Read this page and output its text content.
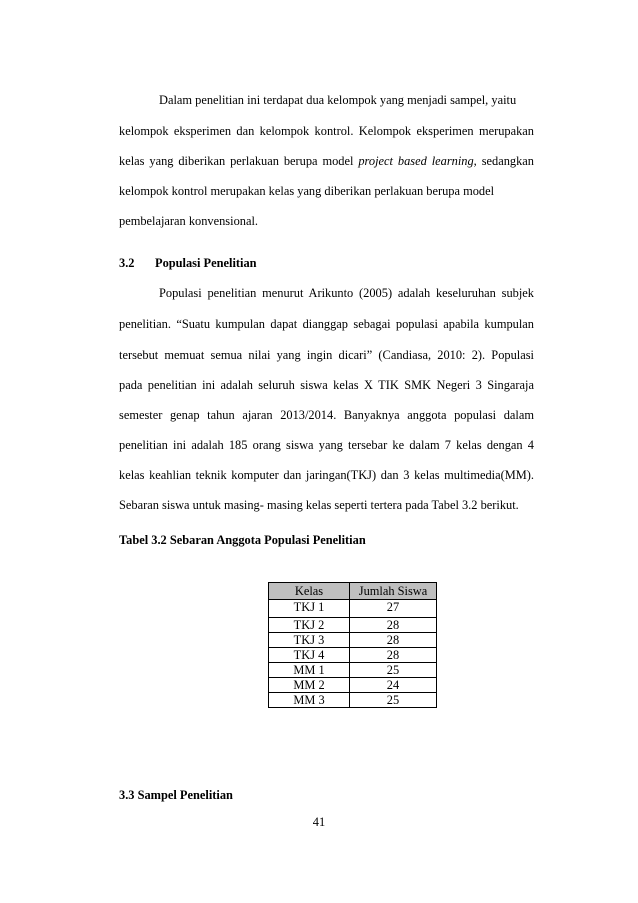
Dalam penelitian ini terdapat dua kelompok yang menjadi sampel, yaitu
kelompok eksperimen dan kelompok kontrol. Kelompok eksperimen merupakan
kelas yang diberikan perlakuan berupa model project based learning, sedangkan
kelompok kontrol merupakan kelas yang diberikan perlakuan berupa model
pembelajaran konvensional.
3.2 Populasi Penelitian
Populasi penelitian menurut Arikunto (2005) adalah keseluruhan subjek
penelitian. “Suatu kumpulan dapat dianggap sebagai populasi apabila kumpulan
tersebut memuat semua nilai yang ingin dicari” (Candiasa, 2010: 2). Populasi
pada penelitian ini adalah seluruh siswa kelas X TIK SMK Negeri 3 Singaraja
semester genap tahun ajaran 2013/2014. Banyaknya anggota populasi dalam
penelitian ini adalah 185 orang siswa yang tersebar ke dalam 7 kelas dengan 4
kelas keahlian teknik komputer dan jaringan(TKJ) dan 3 kelas multimedia(MM).
Sebaran siswa untuk masing- masing kelas seperti tertera pada Tabel 3.2 berikut.
Tabel 3.2 Sebaran Anggota Populasi Penelitian
Kelas	Jumlah Siswa
TKJ 1	27
TKJ 2	28
TKJ 3	28
TKJ 4	28
MM 1	25
MM 2	24
MM 3	25
3.3 Sampel Penelitian
41
